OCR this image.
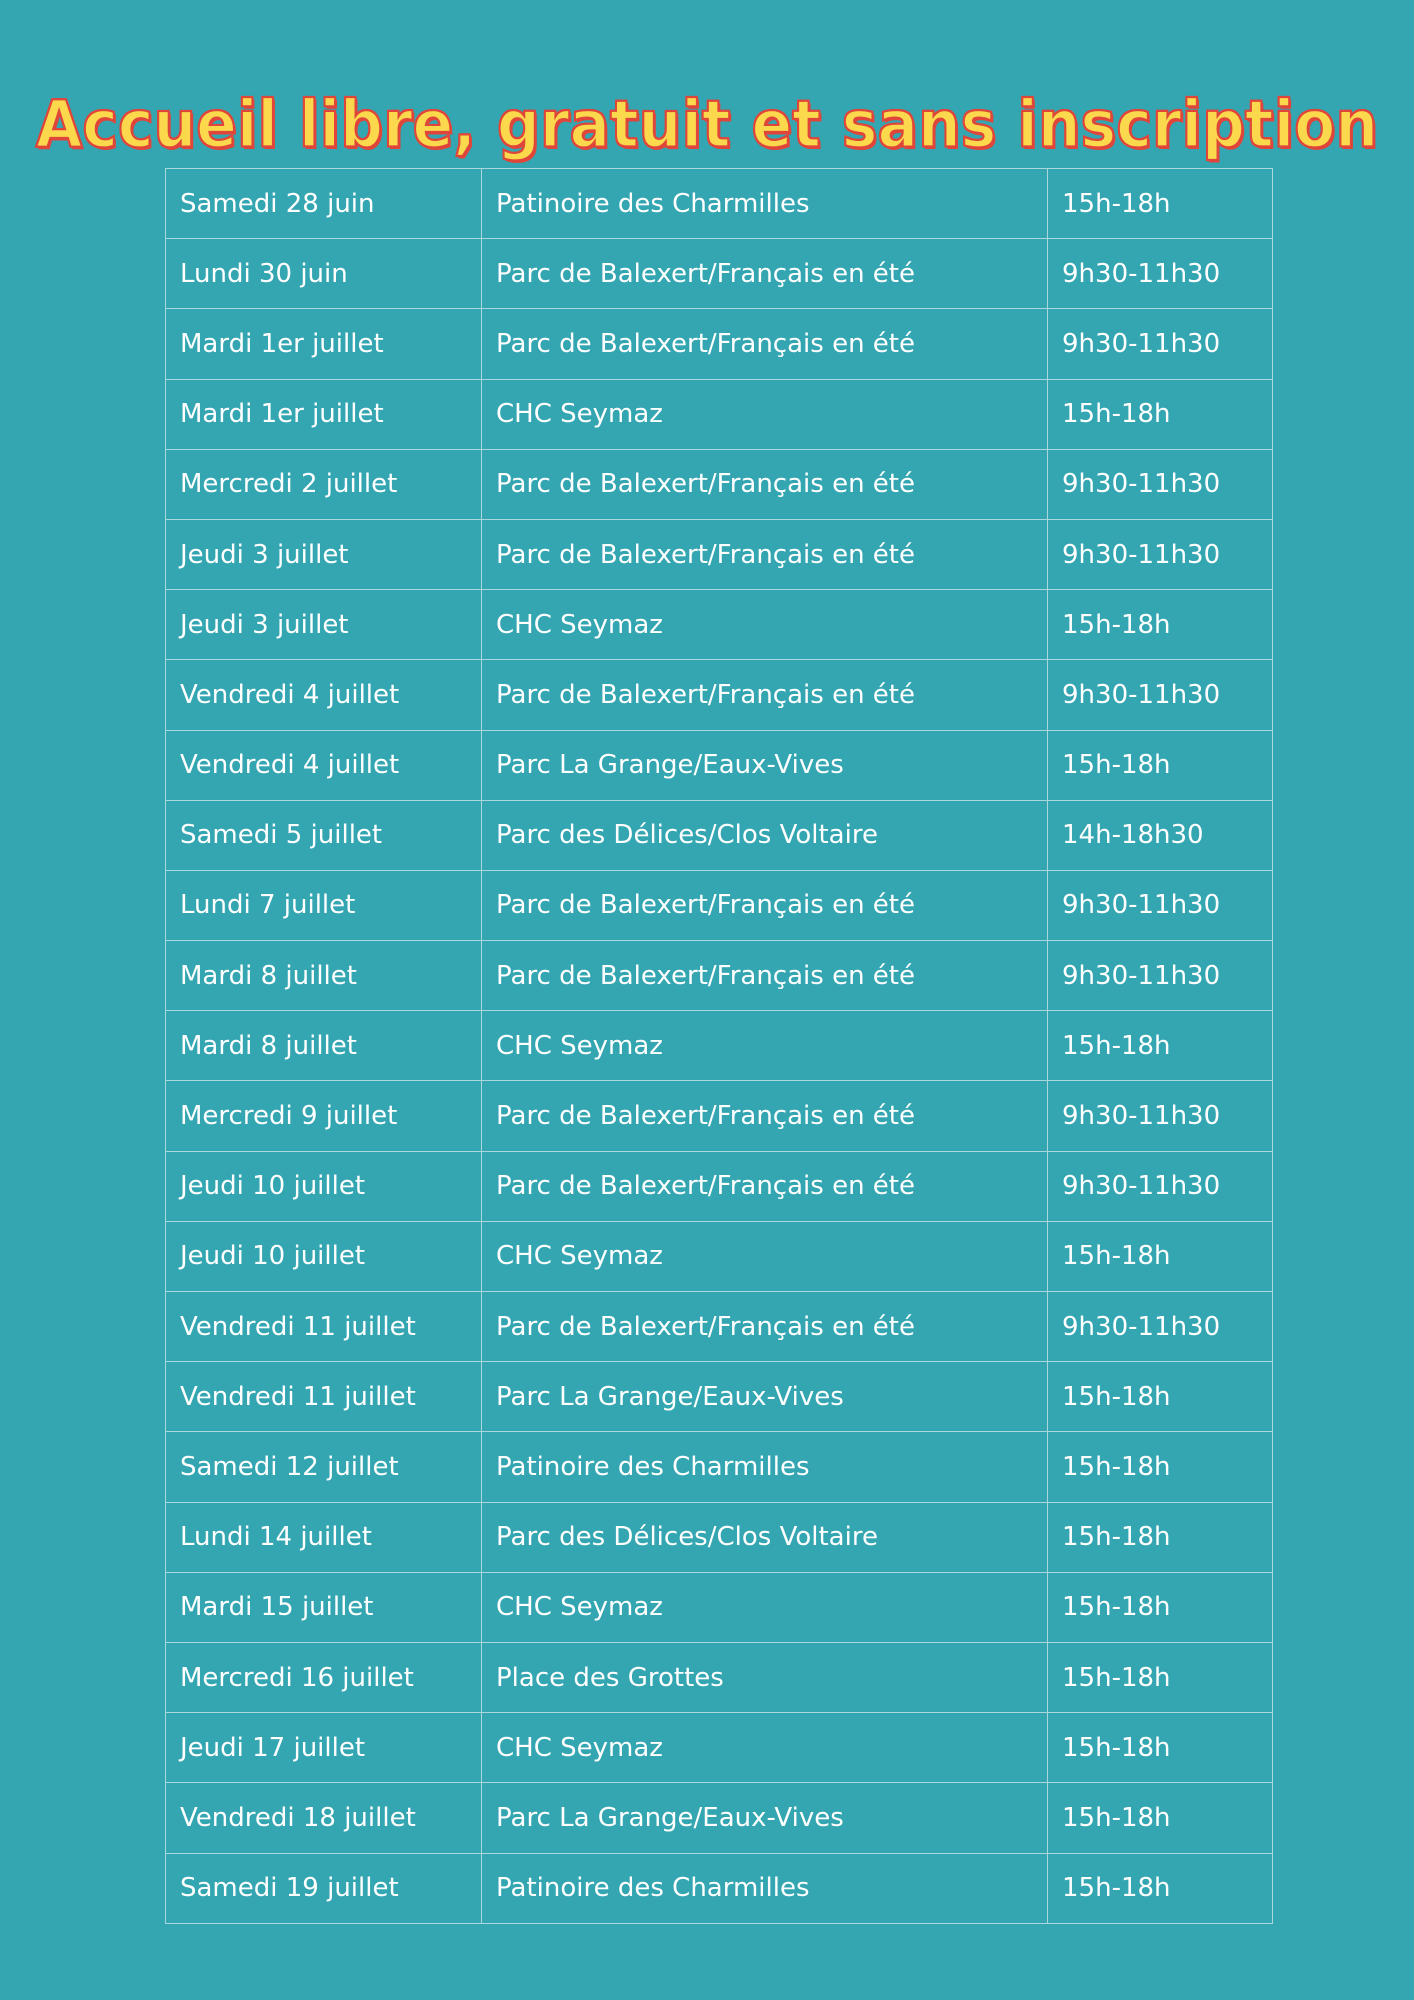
Accueil libre, gratuit et sans inscription
Samedi 28 juin	Patinoire des Charmilles	15h-18h
Lundi 30 juin	Parc de Balexert/Français en été	9h30-11h30
Mardi 1er juillet	Parc de Balexert/Français en été	9h30-11h30
Mardi 1er juillet	CHC Seymaz	15h-18h
Mercredi 2 juillet	Parc de Balexert/Français en été	9h30-11h30
Jeudi 3 juillet	Parc de Balexert/Français en été	9h30-11h30
Jeudi 3 juillet	CHC Seymaz	15h-18h
Vendredi 4 juillet	Parc de Balexert/Français en été	9h30-11h30
Vendredi 4 juillet	Parc La Grange/Eaux-Vives	15h-18h
Samedi 5 juillet	Parc des Délices/Clos Voltaire	14h-18h30
Lundi 7 juillet	Parc de Balexert/Français en été	9h30-11h30
Mardi 8 juillet	Parc de Balexert/Français en été	9h30-11h30
Mardi 8 juillet	CHC Seymaz	15h-18h
Mercredi 9 juillet	Parc de Balexert/Français en été	9h30-11h30
Jeudi 10 juillet	Parc de Balexert/Français en été	9h30-11h30
Jeudi 10 juillet	CHC Seymaz	15h-18h
Vendredi 11 juillet	Parc de Balexert/Français en été	9h30-11h30
Vendredi 11 juillet	Parc La Grange/Eaux-Vives	15h-18h
Samedi 12 juillet	Patinoire des Charmilles	15h-18h
Lundi 14 juillet	Parc des Délices/Clos Voltaire	15h-18h
Mardi 15 juillet	CHC Seymaz	15h-18h
Mercredi 16 juillet	Place des Grottes	15h-18h
Jeudi 17 juillet	CHC Seymaz	15h-18h
Vendredi 18 juillet	Parc La Grange/Eaux-Vives	15h-18h
Samedi 19 juillet	Patinoire des Charmilles	15h-18h
